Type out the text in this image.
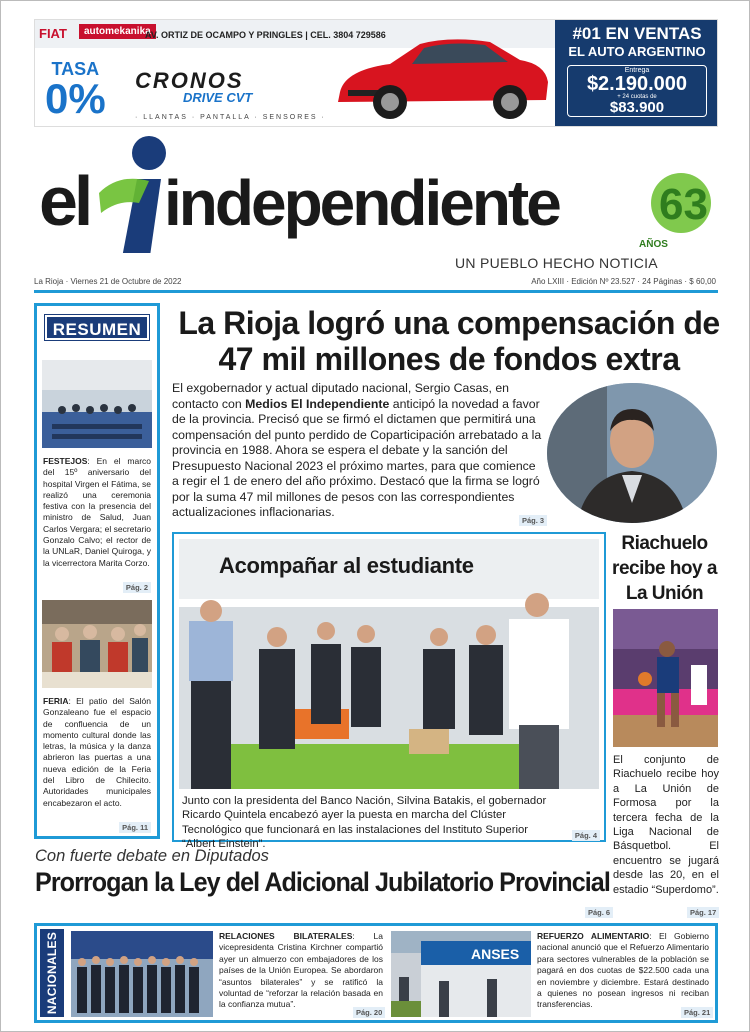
FIAT	automekanika
AV. ORTIZ DE OCAMPO Y PRINGLES | CEL. 3804 729586
TASA
0% CRONOS
DRIVE CVT
· LLANTAS · PANTALLA · SENSORES ·
#01 EN VENTAS
EL AUTO ARGENTINO
Entrega
$2.190.000
+ 24 cuotas de
$83.900
el independiente 63
AÑOS
UN PUEBLO HECHO NOTICIA
La Rioja · Viernes 21 de Octubre de 2022	Año LXIII · Edición Nº 23.527 · 24 Páginas · $ 60,00
RESUMEN
FESTEJOS: En el marco del 15º aniversario del hospital Virgen el Fátima, se realizó una ceremonia festiva con la presencia del ministro de Salud, Juan Carlos Vergara; el secretario Gonzalo Calvo; el rector de la UNLaR, Daniel Quiroga, y la vicerrectora Marita Corzo.
Pág. 2
FERIA: El patio del Salón Gonzaleano fue el espacio de confluencia de un momento cultural donde las letras, la música y la danza abrieron las puertas a una nueva edición de la Feria del Libro de Chilecito. Autoridades municipales encabezaron el acto.
Pág. 11
La Rioja logró una compensación de 47 mil millones de fondos extra
El exgobernador y actual diputado nacional, Sergio Casas, en contacto con Medios El Independiente anticipó la novedad a favor de la provincia. Precisó que se firmó el dictamen que permitirá una compensación del punto perdido de Coparticipación arrebatado a la provincia en 1988. Ahora se espera el debate y la sanción del Presupuesto Nacional 2023 el próximo martes, para que comience a regir el 1 de enero del año próximo. Destacó que la firma se logró por la suma 47 mil millones de pesos con las correspondientes actualizaciones inflacionarias.
Pág. 3
Acompañar al estudiante
Junto con la presidenta del Banco Nación, Silvina Batakis, el gobernador Ricardo Quintela encabezó ayer la puesta en marcha del Clúster Tecnológico que funcionará en las instalaciones del Instituto Superior “Albert Einstein”.
Pág. 4
Riachuelo recibe hoy a La Unión
El conjunto de Riachuelo recibe hoy a La Unión de Formosa por la tercera fecha de la Liga Nacional de Básquetbol. El encuentro se jugará desde las 20, en el estadio “Superdomo”.
Pág. 17
Con fuerte debate en Diputados
Prorrogan la Ley del Adicional Jubilatorio Provincial
Pág. 6
NACIONALES	RELACIONES BILATERALES: La vicepresidenta Cristina Kirchner compartió ayer un almuerzo con embajadores de los países de la Unión Europea. Se abordaron “asuntos bilaterales” y se ratificó la voluntad de “reforzar la relación basada en la confianza mutua”.
Pág. 20
ANSES
REFUERZO ALIMENTARIO: El Gobierno nacional anunció que el Refuerzo Alimentario para sectores vulnerables de la población se pagará en dos cuotas de $22.500 cada una en noviembre y diciembre. Estará destinado a quienes no posean ingresos ni reciban transferencias.
Pág. 21
